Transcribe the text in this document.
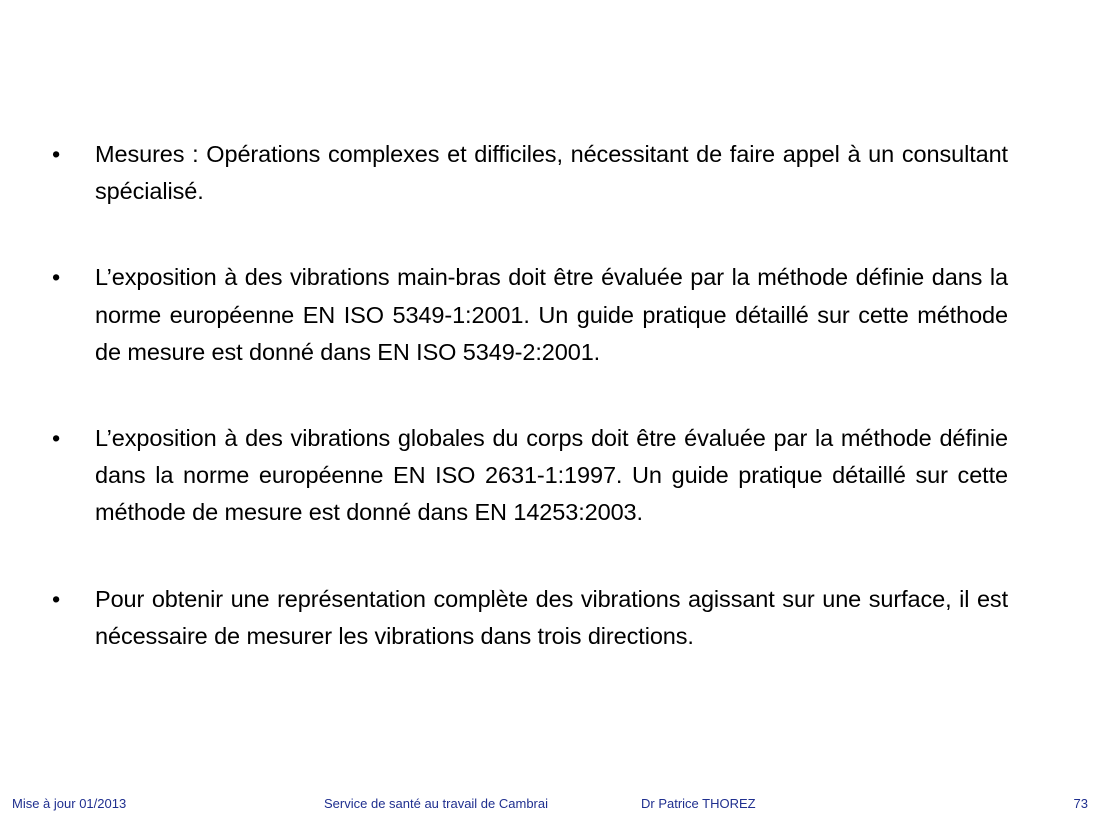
•	Mesures : Opérations complexes et difficiles, nécessitant de faire appel à un consultant spécialisé.
•	L’exposition à des vibrations main-bras doit être évaluée par la méthode définie dans la norme européenne EN ISO 5349-1:2001. Un guide pratique détaillé sur cette méthode de mesure est donné dans EN ISO 5349-2:2001.
•	L’exposition à des vibrations globales du corps doit être évaluée par la méthode définie dans la norme européenne EN ISO 2631-1:1997. Un guide pratique détaillé sur cette méthode de mesure est donné dans EN 14253:2003.
•	Pour obtenir une représentation complète des vibrations agissant sur une surface, il est nécessaire de mesurer les vibrations dans trois directions.
Mise à jour 01/2013	Service de santé au travail de Cambrai	Dr Patrice THOREZ	73
